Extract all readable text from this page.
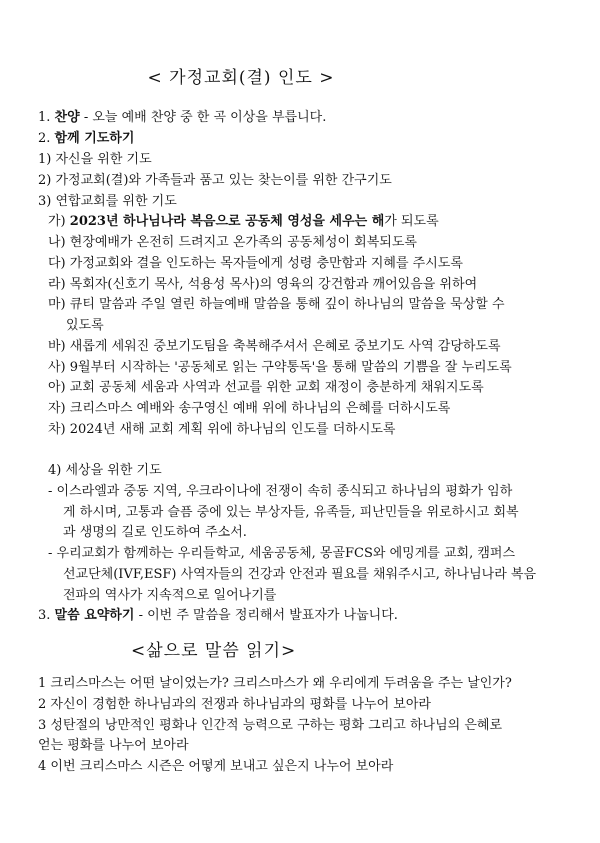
< 가정교회(결) 인도 >
1. 찬양 - 오늘 예배 찬양 중 한 곡 이상을 부릅니다.
2. 함께 기도하기
1) 자신을 위한 기도
2) 가정교회(결)와 가족들과 품고 있는 찾는이를 위한 간구기도
3) 연합교회를 위한 기도
가) 2023년 하나님나라 복음으로 공동체 영성을 세우는 해가 되도록
나) 현장예배가 온전히 드려지고 온가족의 공동체성이 회복되도록
다) 가정교회와 결을 인도하는 목자들에게 성령 충만함과 지혜를 주시도록
라) 목회자(신호기 목사, 석용성 목사)의 영육의 강건함과 깨어있음을 위하여
마) 큐티 말씀과 주일 열린 하늘예배 말씀을 통해 깊이 하나님의 말씀을 묵상할 수
있도록
바) 새롭게 세워진 중보기도팀을 축복해주셔서 은혜로 중보기도 사역 감당하도록
사) 9월부터 시작하는 '공동체로 읽는 구약통독'을 통해 말씀의 기쁨을 잘 누리도록
아) 교회 공동체 세움과 사역과 선교를 위한 교회 재정이 충분하게 채워지도록
자) 크리스마스 예배와 송구영신 예배 위에 하나님의 은혜를 더하시도록
차) 2024년 새해 교회 계획 위에 하나님의 인도를 더하시도록
4) 세상을 위한 기도
- 이스라엘과 중동 지역, 우크라이나에 전쟁이 속히 종식되고 하나님의 평화가 임하
게 하시며, 고통과 슬픔 중에 있는 부상자들, 유족들, 피난민들을 위로하시고 회복
과 생명의 길로 인도하여 주소서.
- 우리교회가 함께하는 우리들학교, 세움공동체, 몽골FCS와 에밍게를 교회, 캠퍼스
선교단체(IVF,ESF) 사역자들의 건강과 안전과 필요를 채워주시고, 하나님나라 복음
전파의 역사가 지속적으로 일어나기를
3. 말씀 요약하기 - 이번 주 말씀을 정리해서 발표자가 나눕니다.
<삶으로 말씀 읽기>
1 크리스마스는 어떤 날이었는가? 크리스마스가 왜 우리에게 두려움을 주는 날인가?
2 자신이 경험한 하나님과의 전쟁과 하나님과의 평화를 나누어 보아라
3 성탄절의 낭만적인 평화나 인간적 능력으로 구하는 평화 그리고 하나님의 은혜로
얻는 평화를 나누어 보아라
4 이번 크리스마스 시즌은 어떻게 보내고 싶은지 나누어 보아라
